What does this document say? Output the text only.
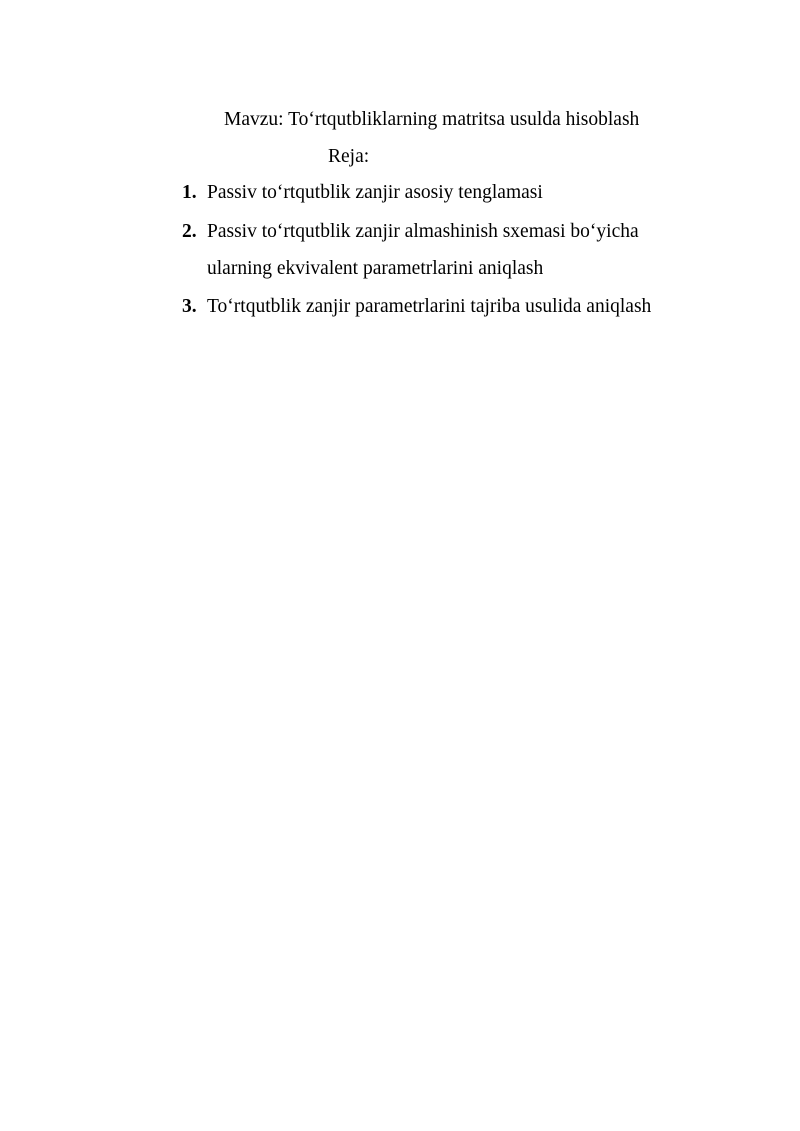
Mavzu: To‘rtqutbliklarning matritsa usulda hisoblash
Reja:
1. Passiv to‘rtqutblik zanjir asosiy tenglamasi
2. Passiv to‘rtqutblik zanjir almashinish sxemasi bo‘yicha
ularning ekvivalent parametrlarini aniqlash
3. To‘rtqutblik zanjir parametrlarini tajriba usulida aniqlash
